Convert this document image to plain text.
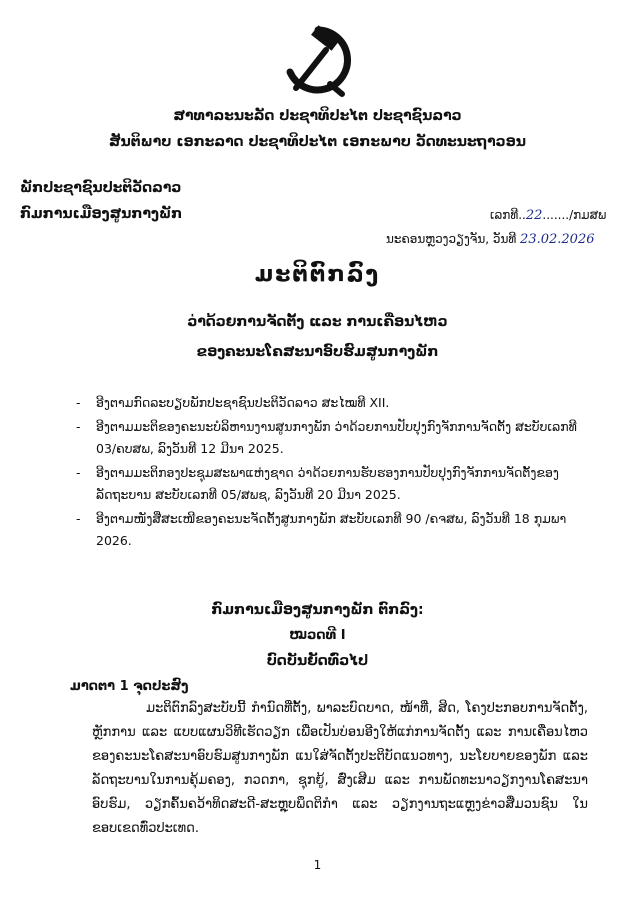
ສາທາລະນະລັດ ປະຊາທິປະໄຕ ປະຊາຊົນລາວ
ສັນຕິພາບ ເອກະລາດ ປະຊາທິປະໄຕ ເອກະພາບ ວັດທະນະຖາວອນ
ພັກປະຊາຊົນປະຕິວັດລາວ
ກົມການເມືອງສູນກາງພັກ	ເລກທີ..22......./ກມສພ
ນະຄອນຫຼວງວຽງຈັນ, ວັນທີ 23.02.2026
ມະຕິຕົກລົງ
ວ່າດ້ວຍການຈັດຕັ້ງ ແລະ ການເຄື່ອນໄຫວ
ຂອງຄະນະໂຄສະນາອົບຮົມສູນກາງພັກ
- ອີງຕາມກົດລະບຽບພັກປະຊາຊົນປະຕິວັດລາວ ສະໄໝທີ XII.
- ອີງຕາມມະຕິຂອງຄະນະບໍລິຫານງານສູນກາງພັກ ວ່າດ້ວຍການປັບປຸງກົງຈັກການຈັດຕັ້ງ ສະບັບເລກທີ 03/ຄບສພ, ລົງວັນທີ 12 ມີນາ 2025.
- ອີງຕາມມະຕິກອງປະຊຸມສະພາແຫ່ງຊາດ ວ່າດ້ວຍການຮັບຮອງການປັບປຸງກົງຈັກການຈັດຕັ້ງຂອງລັດຖະບານ ສະບັບເລກທີ 05/ສພຊ, ລົງວັນທີ 20 ມີນາ 2025.
- ອີງຕາມໜັງສືສະເໜີຂອງຄະນະຈັດຕັ້ງສູນກາງພັກ ສະບັບເລກທີ 90 /ຄຈສພ, ລົງວັນທີ 18 ກຸມພາ 2026.
ກົມການເມືອງສູນກາງພັກ ຕົກລົງ:
ໝວດທີ I
ບົດບັນຍັດທົ່ວໄປ
ມາດຕາ 1 ຈຸດປະສົງ
ມະຕິຕົກລົງສະບັບນີ້ ກໍານົດທີ່ຕັ້ງ, ພາລະບົດບາດ, ໜ້າທີ່, ສິດ, ໂຄງປະກອບການຈັດຕັ້ງ, ຫຼັກການ ແລະ ແບບແຜນວິທີເຮັດວຽກ ເພື່ອເປັນບ່ອນອີງໃຫ້ແກ່ການຈັດຕັ້ງ ແລະ ການເຄື່ອນໄຫວຂອງຄະນະໂຄສະນາອົບຮົມສູນກາງພັກ ແນໃສ່ຈັດຕັ້ງປະຕິບັດແນວທາງ, ນະໂຍບາຍຂອງພັກ ແລະ ລັດຖະບານໃນການຄຸ້ມຄອງ, ກວດກາ, ຊຸກຍູ້, ສົ່ງເສີມ ແລະ ການພັດທະນາວຽກງານໂຄສະນາອົບຮົມ, ວຽກຄົ້ນຄວ້າທິດສະດີ-ສະຫຼຸບພຶດຕິກໍາ ແລະ ວຽກງານຖະແຫຼງຂ່າວສື່ມວນຊົນ ໃນຂອບເຂດທົ່ວປະເທດ.
1
